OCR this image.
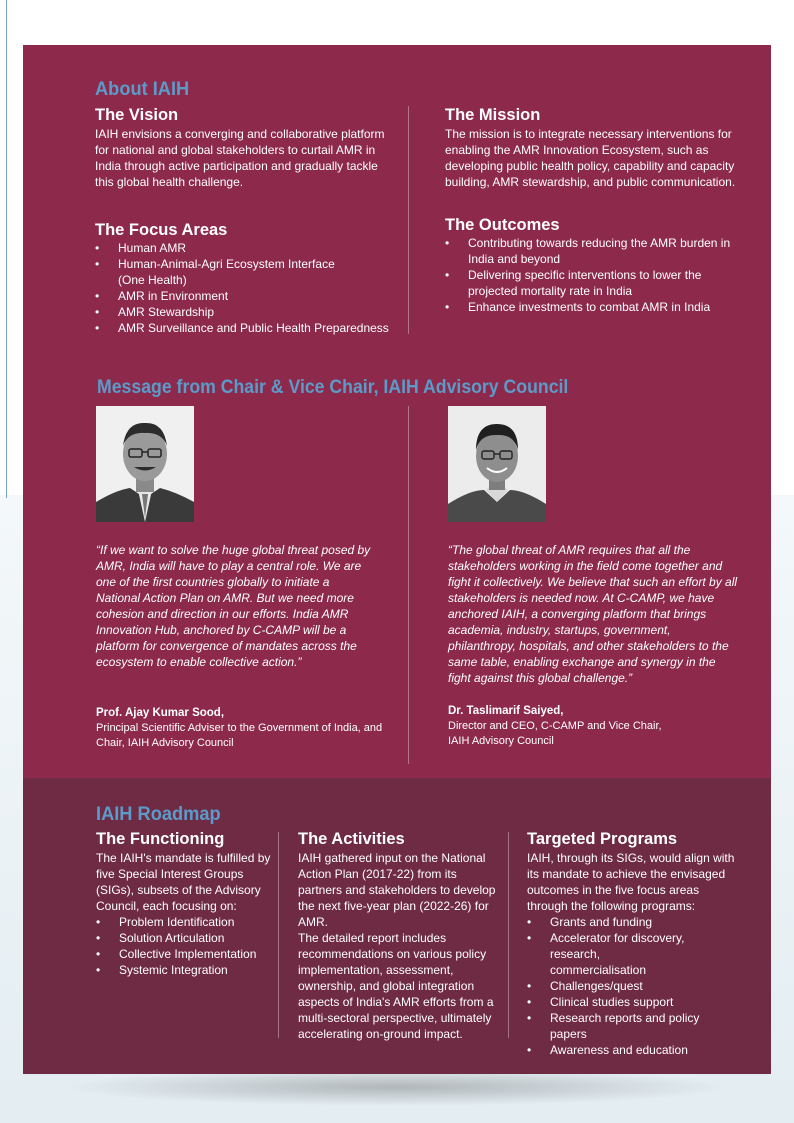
About IAIH
The Vision
IAIH envisions a converging and collaborative platform for national and global stakeholders to curtail AMR in India through active participation and gradually tackle this global health challenge.
The Focus Areas
• Human AMR
• Human-Animal-Agri Ecosystem Interface (One Health)
• AMR in Environment
• AMR Stewardship
• AMR Surveillance and Public Health Preparedness
The Mission
The mission is to integrate necessary interventions for enabling the AMR Innovation Ecosystem, such as developing public health policy, capability and capacity building, AMR stewardship, and public communication.
The Outcomes
• Contributing towards reducing the AMR burden in India and beyond
• Delivering specific interventions to lower the projected mortality rate in India
• Enhance investments to combat AMR in India
Message from Chair & Vice Chair, IAIH Advisory Council
“If we want to solve the huge global threat posed by AMR, India will have to play a central role. We are one of the first countries globally to initiate a National Action Plan on AMR. But we need more cohesion and direction in our efforts. India AMR Innovation Hub, anchored by C-CAMP will be a platform for convergence of mandates across the ecosystem to enable collective action.”
Prof. Ajay Kumar Sood,
Principal Scientific Adviser to the Government of India, and Chair, IAIH Advisory Council
“The global threat of AMR requires that all the stakeholders working in the field come together and fight it collectively. We believe that such an effort by all stakeholders is needed now. At C-CAMP, we have anchored IAIH, a converging platform that brings academia, industry, startups, government, philanthropy, hospitals, and other stakeholders to the same table, enabling exchange and synergy in the fight against this global challenge.”
Dr. Taslimarif Saiyed,
Director and CEO, C-CAMP and Vice Chair, IAIH Advisory Council
IAIH Roadmap
The Functioning
The IAIH's mandate is fulfilled by five Special Interest Groups (SIGs), subsets of the Advisory Council, each focusing on:
• Problem Identification
• Solution Articulation
• Collective Implementation
• Systemic Integration
The Activities
IAIH gathered input on the National Action Plan (2017-22) from its partners and stakeholders to develop the next five-year plan (2022-26) for AMR.
The detailed report includes recommendations on various policy implementation, assessment, ownership, and global integration aspects of India's AMR efforts from a multi-sectoral perspective, ultimately accelerating on-ground impact.
Targeted Programs
IAIH, through its SIGs, would align with its mandate to achieve the envisaged outcomes in the five focus areas through the following programs:
• Grants and funding
• Accelerator for discovery, research, commercialisation
• Challenges/quest
• Clinical studies support
• Research reports and policy papers
• Awareness and education
